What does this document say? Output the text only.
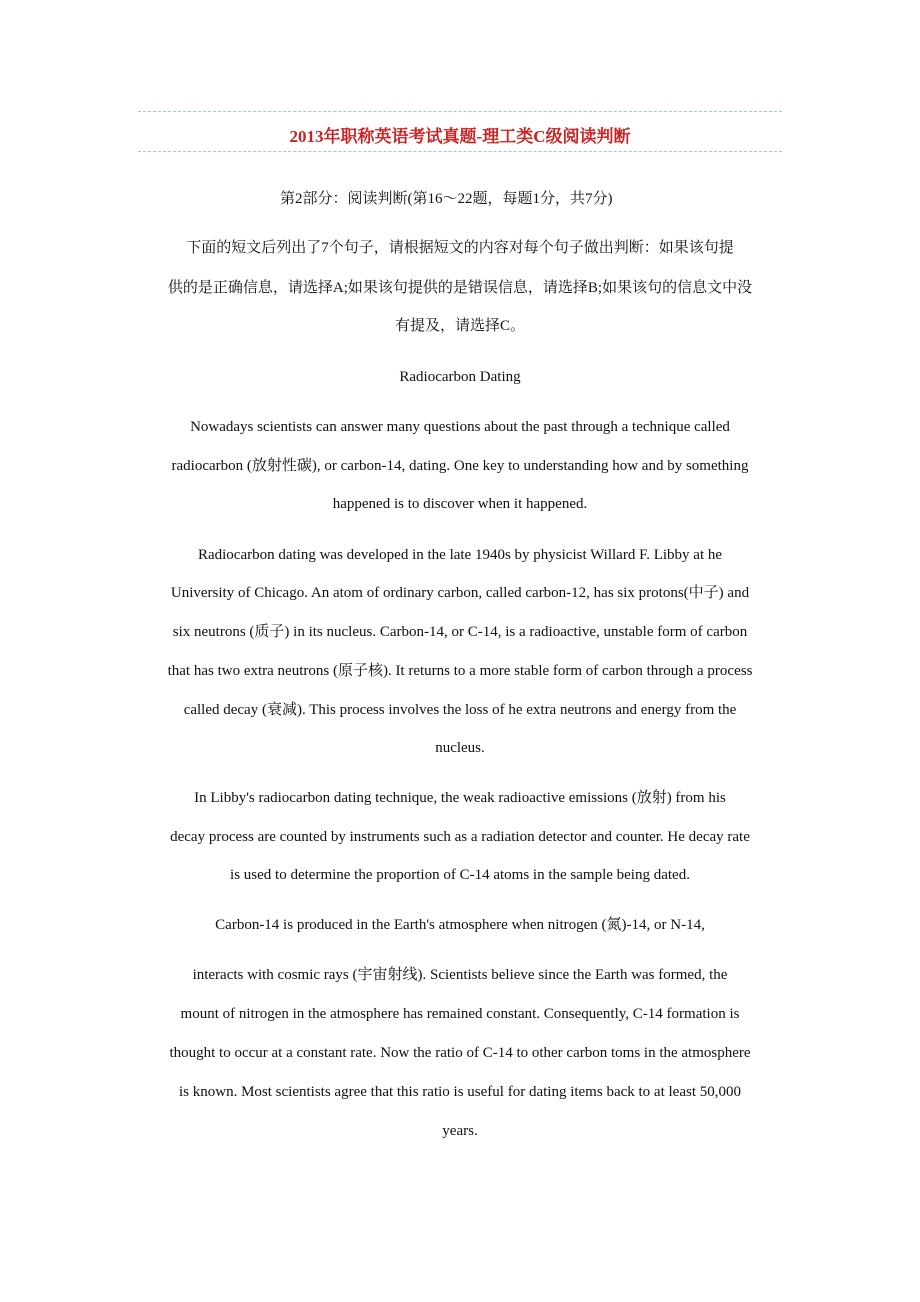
2013年职称英语考试真题-理工类C级阅读判断
第2部分：阅读判断(第16～22题，每题1分，共7分)
下面的短文后列出了7个句子，请根据短文的内容对每个句子做出判断：如果该句提
供的是正确信息，请选择A;如果该句提供的是错误信息，请选择B;如果该句的信息文中没
有提及，请选择C。
Radiocarbon Dating
Nowadays scientists can answer many questions about the past through a technique called
radiocarbon (放射性碳), or carbon-14, dating. One key to understanding how and by something
happened is to discover when it happened.
Radiocarbon dating was developed in the late 1940s by physicist Willard F. Libby at he
University of Chicago. An atom of ordinary carbon, called carbon-12, has six protons(中子) and
six neutrons (质子) in its nucleus. Carbon-14, or C-14, is a radioactive, unstable form of carbon
that has two extra neutrons (原子核). It returns to a more stable form of carbon through a process
called decay (衰减). This process involves the loss of he extra neutrons and energy from the
nucleus.
In Libby's radiocarbon dating technique, the weak radioactive emissions (放射) from his
decay process are counted by instruments such as a radiation detector and counter. He decay rate
is used to determine the proportion of C-14 atoms in the sample being dated.
Carbon-14 is produced in the Earth's atmosphere when nitrogen (氮)-14, or N-14,
interacts with cosmic rays (宇宙射线). Scientists believe since the Earth was formed, the
mount of nitrogen in the atmosphere has remained constant. Consequently, C-14 formation is
thought to occur at a constant rate. Now the ratio of C-14 to other carbon toms in the atmosphere
is known. Most scientists agree that this ratio is useful for dating items back to at least 50,000
years.
